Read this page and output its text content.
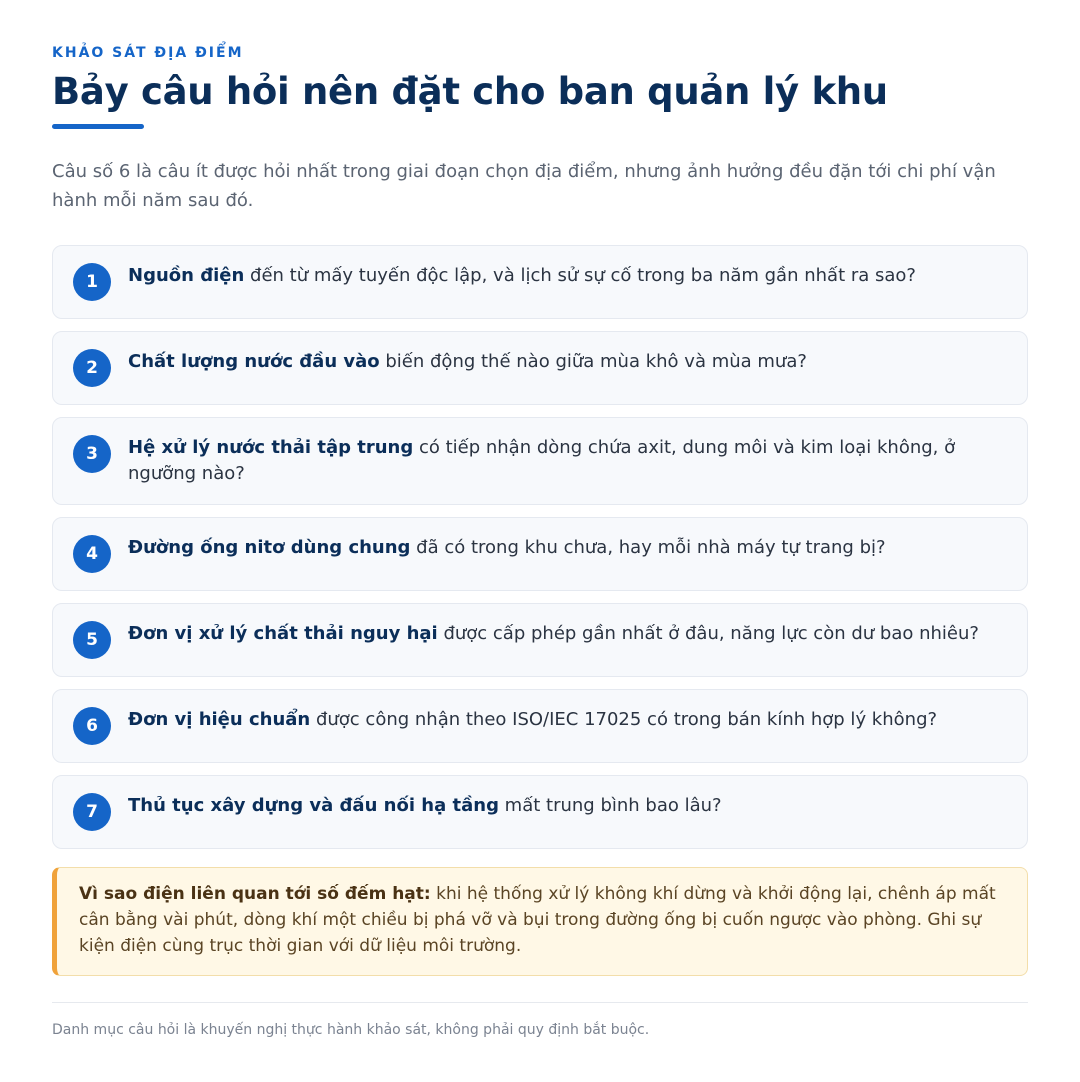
KHẢO SÁT ĐỊA ĐIỂM
Bảy câu hỏi nên đặt cho ban quản lý khu

Câu số 6 là câu ít được hỏi nhất trong giai đoạn chọn địa điểm, nhưng ảnh hưởng đều đặn tới chi phí vận hành mỗi năm sau đó.

1	Nguồn điện đến từ mấy tuyến độc lập, và lịch sử sự cố trong ba năm gần nhất ra sao?

2	Chất lượng nước đầu vào biến động thế nào giữa mùa khô và mùa mưa?

3	Hệ xử lý nước thải tập trung có tiếp nhận dòng chứa axit, dung môi và kim loại không, ở ngưỡng nào?

4	Đường ống nitơ dùng chung đã có trong khu chưa, hay mỗi nhà máy tự trang bị?

5	Đơn vị xử lý chất thải nguy hại được cấp phép gần nhất ở đâu, năng lực còn dư bao nhiêu?

6	Đơn vị hiệu chuẩn được công nhận theo ISO/IEC 17025 có trong bán kính hợp lý không?

7	Thủ tục xây dựng và đấu nối hạ tầng mất trung bình bao lâu?

Vì sao điện liên quan tới số đếm hạt: khi hệ thống xử lý không khí dừng và khởi động lại, chênh áp mất cân bằng vài phút, dòng khí một chiều bị phá vỡ và bụi trong đường ống bị cuốn ngược vào phòng. Ghi sự kiện điện cùng trục thời gian với dữ liệu môi trường.
Danh mục câu hỏi là khuyến nghị thực hành khảo sát, không phải quy định bắt buộc.
